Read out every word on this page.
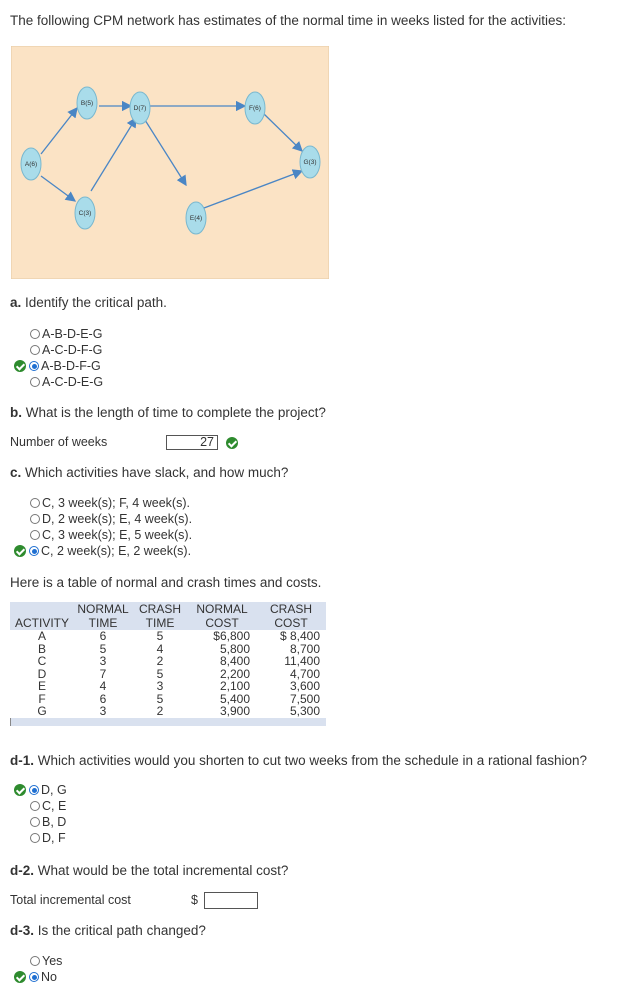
The following CPM network has estimates of the normal time in weeks listed for the activities:
A(6)
B(5)
C(3)
D(7)
E(4)
F(6)
G(3)
a. Identify the critical path.
A-B-D-E-G
A-C-D-F-G
A-B-D-F-G
A-C-D-E-G
b. What is the length of time to complete the project?
Number of weeks	27
c. Which activities have slack, and how much?
C, 3 week(s); F, 4 week(s).
D, 2 week(s); E, 4 week(s).
C, 3 week(s); E, 5 week(s).
C, 2 week(s); E, 2 week(s).
Here is a table of normal and crash times and costs.
	NORMAL	CRASH	NORMAL	CRASH
ACTIVITY	TIME	TIME	COST	COST
A	6	5	$6,800	$ 8,400
B	5	4	5,800	8,700
C	3	2	8,400	11,400
D	7	5	2,200	4,700
E	4	3	2,100	3,600
F	6	5	5,400	7,500
G	3	2	3,900	5,300
d-1. Which activities would you shorten to cut two weeks from the schedule in a rational fashion?
D, G
C, E
B, D
D, F
d-2. What would be the total incremental cost?
Total incremental cost	$
d-3. Is the critical path changed?
Yes
No
